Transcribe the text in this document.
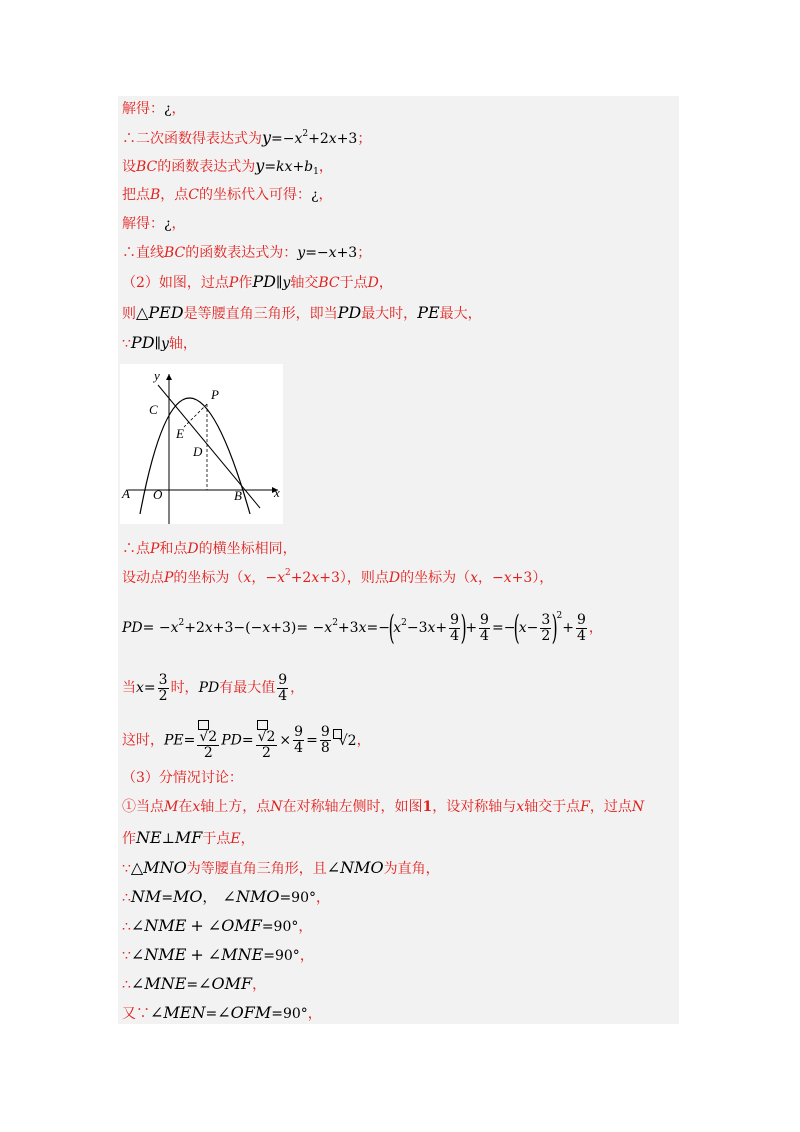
解得：¿，
∴二次函数得表达式为$y=-x^2+2x+3$；
设BC的函数表达式为$y=kx+b_1$，
把点B，点C的坐标代入可得：¿，
解得：¿，
∴直线BC的函数表达式为：y=−x+3；
（2）如图，过点P作PD∥y轴交BC于点D，
则△PED是等腰直角三角形，即当PD最大时，PE最大，
∵PD∥y轴，
y
x
C
P
E
D
A O	B
∴点P和点D的横坐标相同，
设动点P的坐标为（x，$-x^2+2x+3$），则点D的坐标为（x，−x+3），
$PD= -x^2+2x+3-(-x+3)= -x^2+3x=-(x^2-3x+ \frac{9}{4}$ )+ $\frac{9}{4} =-(x- \frac{3}{2} )^2+ \frac{9}{4}$ ，
当$x= \frac{3}{2}$ 时，PD有最大值 $\frac{9}{4}$ ，
这时，$PE= \frac{√2}{2} PD= \frac{√2}{2} \times \frac{9}{4} = \frac{9}{8} √2$，
（3）分情况讨论：
①当点M在x轴上方，点N在对称轴左侧时，如图1，设对称轴与x轴交于点F，过点N
作NE⊥MF于点E，
∵△MNO为等腰直角三角形，且∠NMO为直角，
∴NM=MO， ∠NMO=90°，
∴∠NME + ∠OMF=90°，
∵∠NME + ∠MNE=90°，
∴∠MNE=∠OMF，
又∵∠MEN=∠OFM=90°，
